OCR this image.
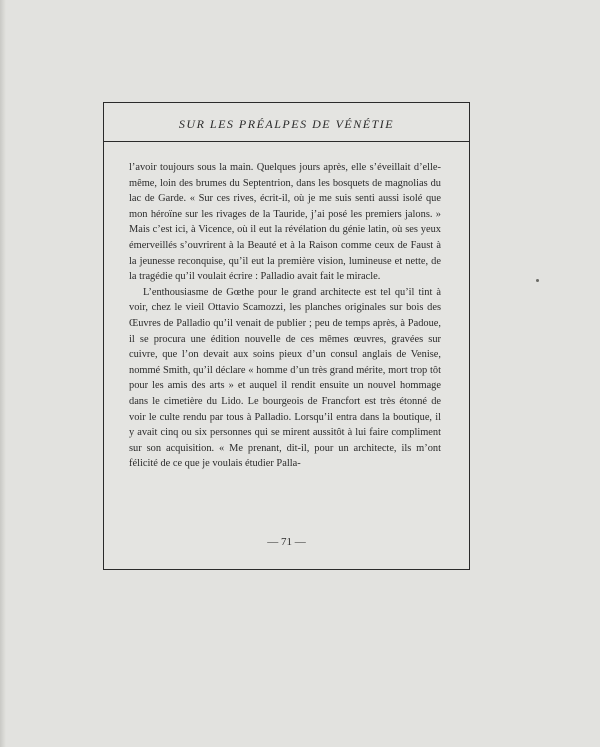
SUR LES PRÉALPES DE VÉNÉTIE

l’avoir toujours sous la main. Quelques jours après, elle s’éveillait d’elle-même, loin des brumes du Septentrion, dans les bosquets de magnolias du lac de Garde. « Sur ces rives, écrit-il, où je me suis senti aussi isolé que mon héroïne sur les rivages de la Tauride, j’ai posé les premiers jalons. » Mais c’est ici, à Vicence, où il eut la révélation du génie latin, où ses yeux émerveillés s’ouvrirent à la Beauté et à la Raison comme ceux de Faust à la jeunesse reconquise, qu’il eut la première vision, lumineuse et nette, de la tragédie qu’il voulait écrire : Palladio avait fait le miracle.

L’enthousiasme de Gœthe pour le grand architecte est tel qu’il tint à voir, chez le vieil Ottavio Scamozzi, les planches originales sur bois des Œuvres de Palladio qu’il venait de publier ; peu de temps après, à Padoue, il se procura une édition nouvelle de ces mêmes œuvres, gravées sur cuivre, que l’on devait aux soins pieux d’un consul anglais de Venise, nommé Smith, qu’il déclare « homme d’un très grand mérite, mort trop tôt pour les amis des arts » et auquel il rendit ensuite un nouvel hommage dans le cimetière du Lido. Le bourgeois de Francfort est très étonné de voir le culte rendu par tous à Palladio. Lorsqu’il entra dans la boutique, il y avait cinq ou six personnes qui se mirent aussitôt à lui faire compliment sur son acquisition. « Me prenant, dit-il, pour un architecte, ils m’ont félicité de ce que je voulais étudier Palla-

— 71 —
